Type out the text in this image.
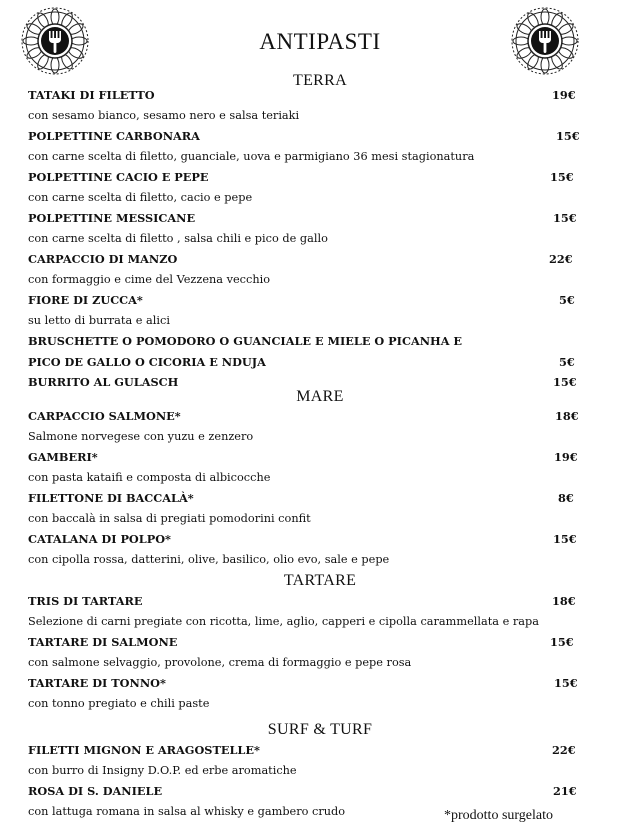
ANTIPASTI
TERRA
TATAKI DI FILETTO	19€
con sesamo bianco, sesamo nero e salsa teriaki
POLPETTINE CARBONARA	15€
con carne scelta di filetto, guanciale, uova e parmigiano 36 mesi stagionatura
POLPETTINE CACIO E PEPE	15€
con carne scelta di filetto, cacio e pepe
POLPETTINE MESSICANE	15€
con carne scelta di filetto , salsa chili e pico de gallo
CARPACCIO DI MANZO	22€
con formaggio e cime del Vezzena vecchio
FIORE DI ZUCCA*	5€
su letto di burrata e alici
BRUSCHETTE O POMODORO O GUANCIALE E MIELE O PICANHA E
PICO DE GALLO O CICORIA E NDUJA	5€
BURRITO AL GULASCH	15€
MARE
CARPACCIO SALMONE*	18€
Salmone norvegese con yuzu e zenzero
GAMBERI*	19€
con pasta kataifi e composta di albicocche
FILETTONE DI BACCALÀ*	8€
con baccalà in salsa di pregiati pomodorini confit
CATALANA DI POLPO*	15€
con cipolla rossa, datterini, olive, basilico, olio evo, sale e pepe
TARTARE
TRIS DI TARTARE	18€
Selezione di carni pregiate con ricotta, lime, aglio, capperi e cipolla carammellata e rapa
TARTARE DI SALMONE	15€
con salmone selvaggio, provolone, crema di formaggio e pepe rosa
TARTARE DI TONNO*	15€
con tonno pregiato e chili paste
SURF & TURF
FILETTI MIGNON E ARAGOSTELLE*	22€
con burro di Insigny D.O.P. ed erbe aromatiche
ROSA DI S. DANIELE	21€
con lattuga romana in salsa al whisky e gambero crudo	*prodotto surgelato
